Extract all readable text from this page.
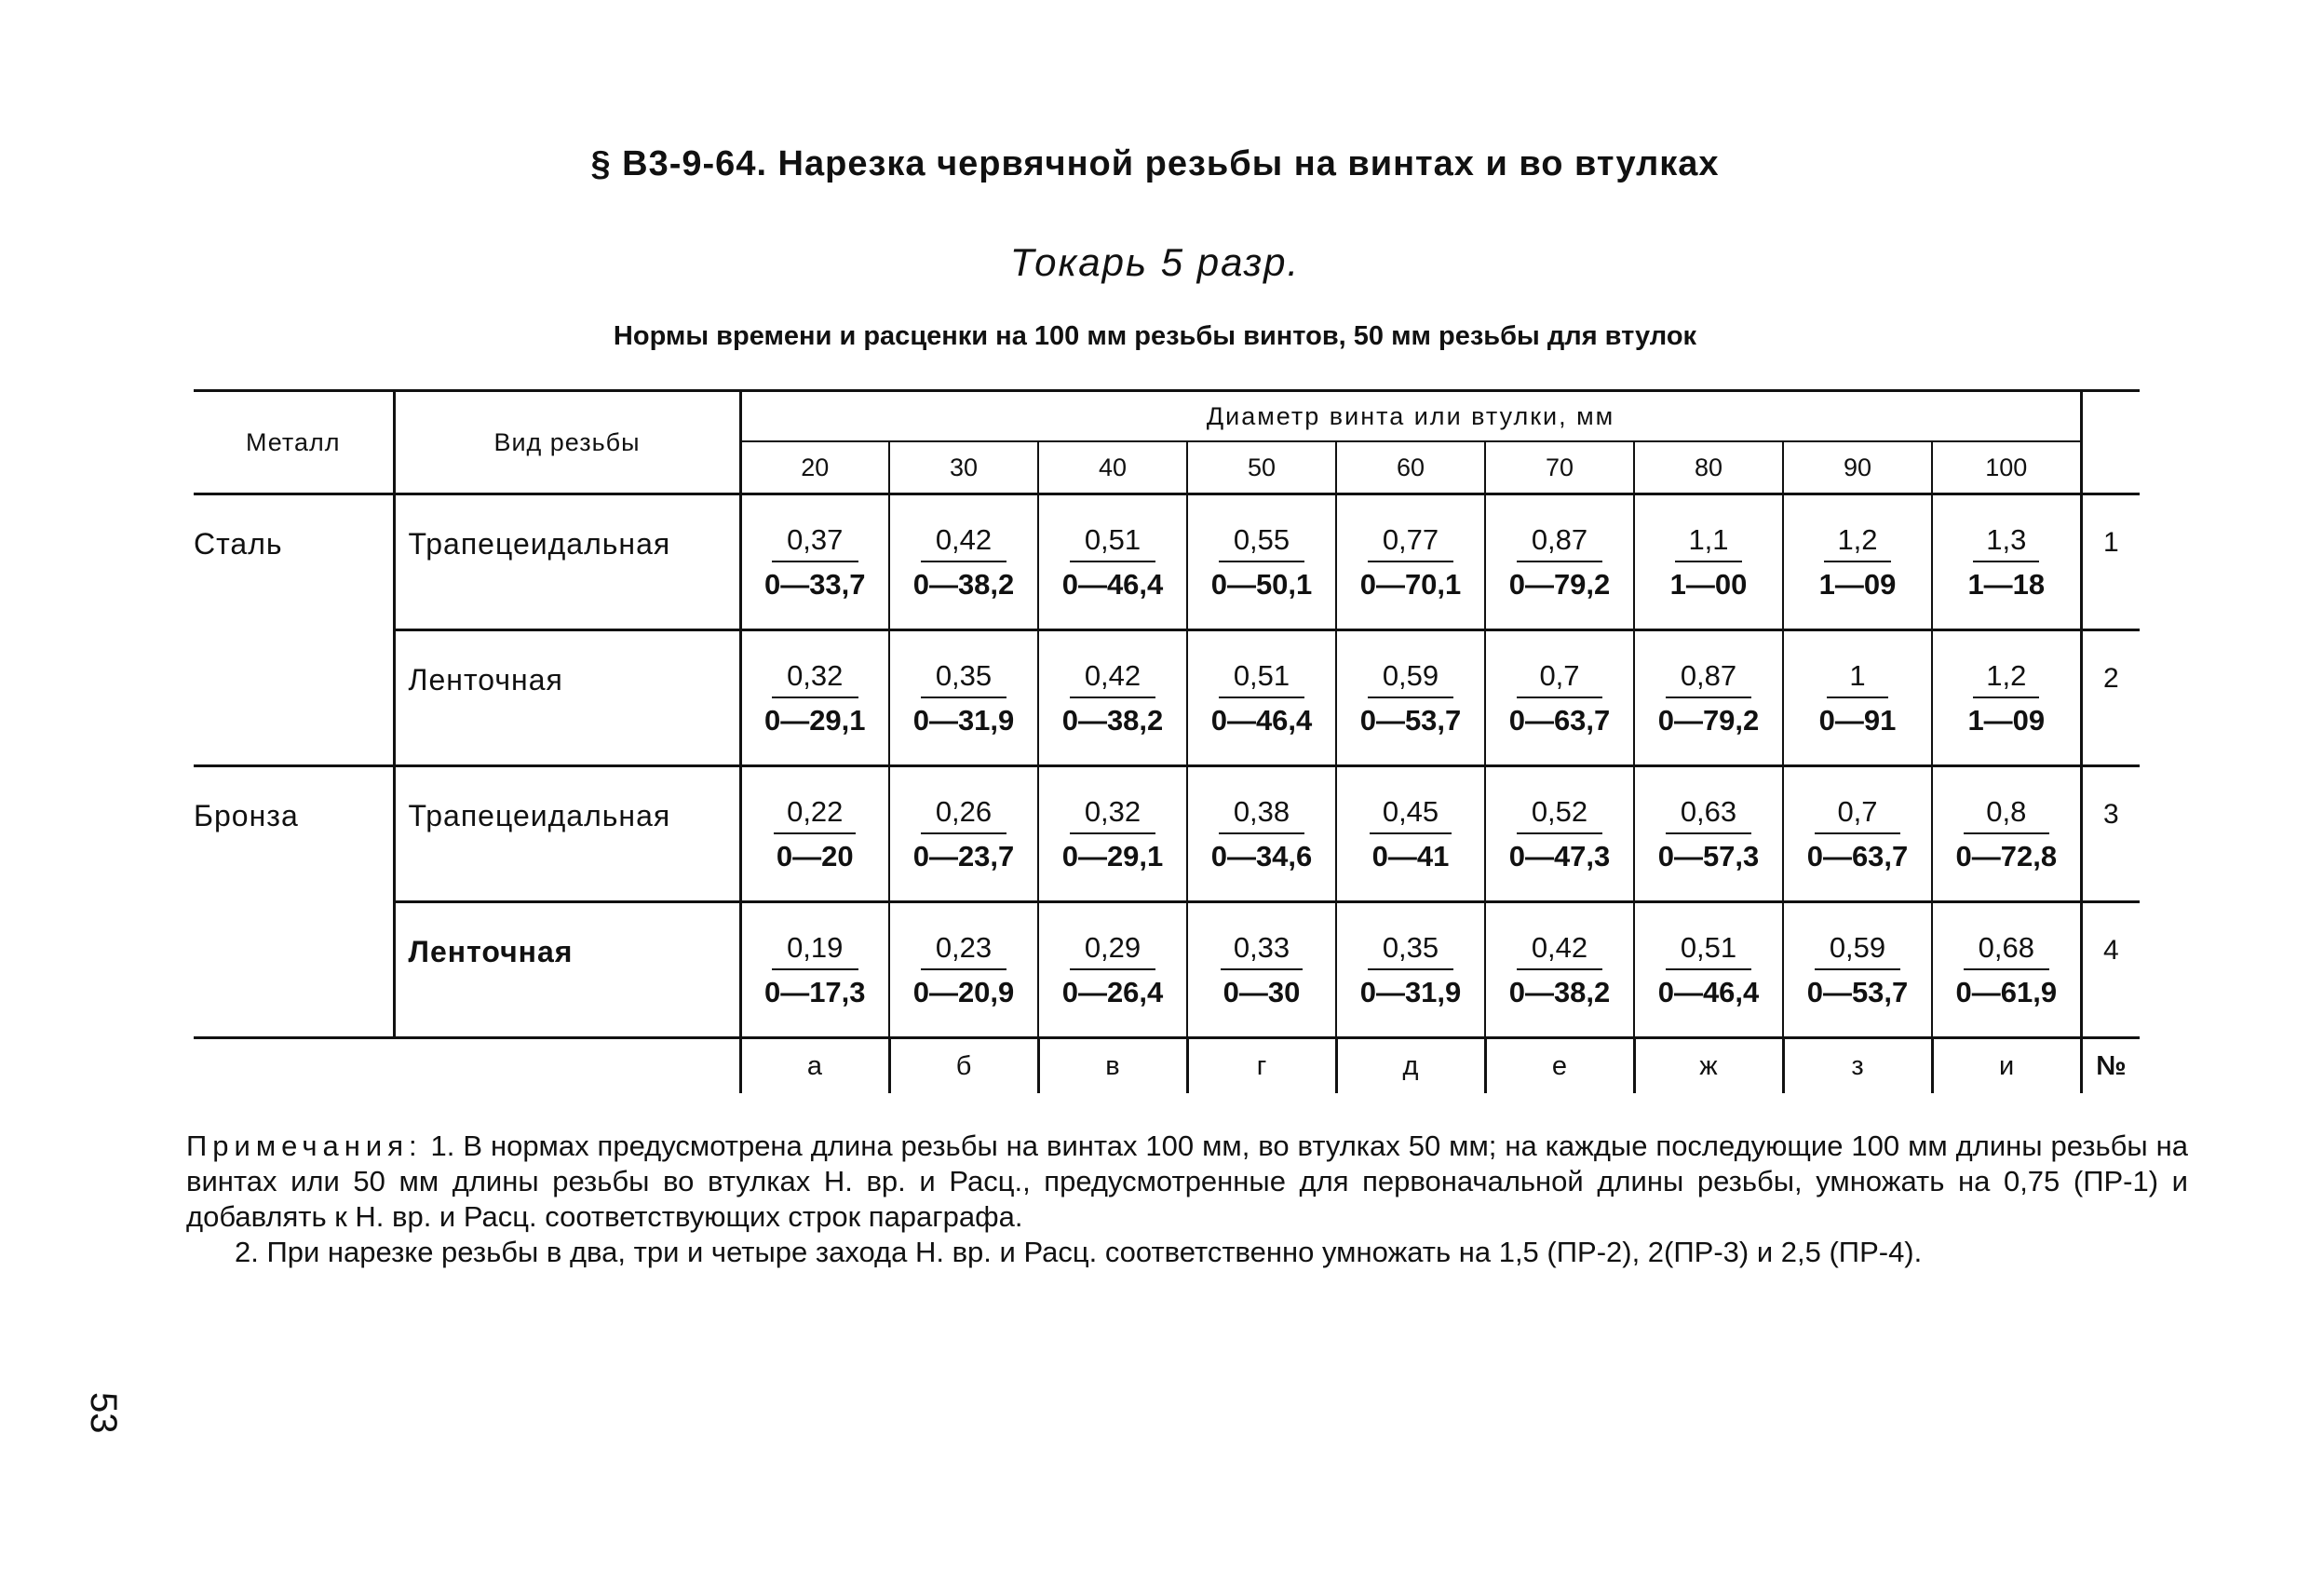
§ В3-9-64. Нарезка червячной резьбы на винтах и во втулках
Токарь 5 разр.
Нормы времени и расценки на 100 мм резьбы винтов, 50 мм резьбы для втулок
Металл	Вид резьбы	Диаметр винта или втулки, мм									
		20	30	40	50	60	70	80	90	100	
Сталь	Трапецеидальная	$\frac{0,37}{0—33,7}$	$\frac{0,42}{0—38,2}$	$\frac{0,51}{0—46,4}$	$\frac{0,55}{0—50,1}$	$\frac{0,77}{0—70,1}$	$\frac{0,87}{0—79,2}$	$\frac{1,1}{1—00}$	$\frac{1,2}{1—09}$	$\frac{1,3}{1—18}$	1
	Ленточная	$\frac{0,32}{0—29,1}$	$\frac{0,35}{0—31,9}$	$\frac{0,42}{0—38,2}$	$\frac{0,51}{0—46,4}$	$\frac{0,59}{0—53,7}$	$\frac{0,7}{0—63,7}$	$\frac{0,87}{0—79,2}$	$\frac{1}{0—91}$	$\frac{1,2}{1—09}$	2
Бронза	Трапецеидальная	$\frac{0,22}{0—20}$	$\frac{0,26}{0—23,7}$	$\frac{0,32}{0—29,1}$	$\frac{0,38}{0—34,6}$	$\frac{0,45}{0—41}$	$\frac{0,52}{0—47,3}$	$\frac{0,63}{0—57,3}$	$\frac{0,7}{0—63,7}$	$\frac{0,8}{0—72,8}$	3
	Ленточная	$\frac{0,19}{0—17,3}$	$\frac{0,23}{0—20,9}$	$\frac{0,29}{0—26,4}$	$\frac{0,33}{0—30}$	$\frac{0,35}{0—31,9}$	$\frac{0,42}{0—38,2}$	$\frac{0,51}{0—46,4}$	$\frac{0,59}{0—53,7}$	$\frac{0,68}{0—61,9}$	4
		а	б	в	г	д	е	ж	з	и	№

Примечания: 1. В нормах предусмотрена длина резьбы на винтах 100 мм, во втулках 50 мм; на каждые последующие 100 мм длины резьбы на винтах или 50 мм длины резьбы во втулках Н. вр. и Расц., предусмотренные для первоначальной длины резьбы, умножать на 0,75 (ПР-1) и добавлять к Н. вр. и Расц. соответствующих строк параграфа.

2. При нарезке резьбы в два, три и четыре захода Н. вр. и Расц. соответственно умножать на 1,5 (ПР-2), 2(ПР-3) и 2,5 (ПР-4).

53
